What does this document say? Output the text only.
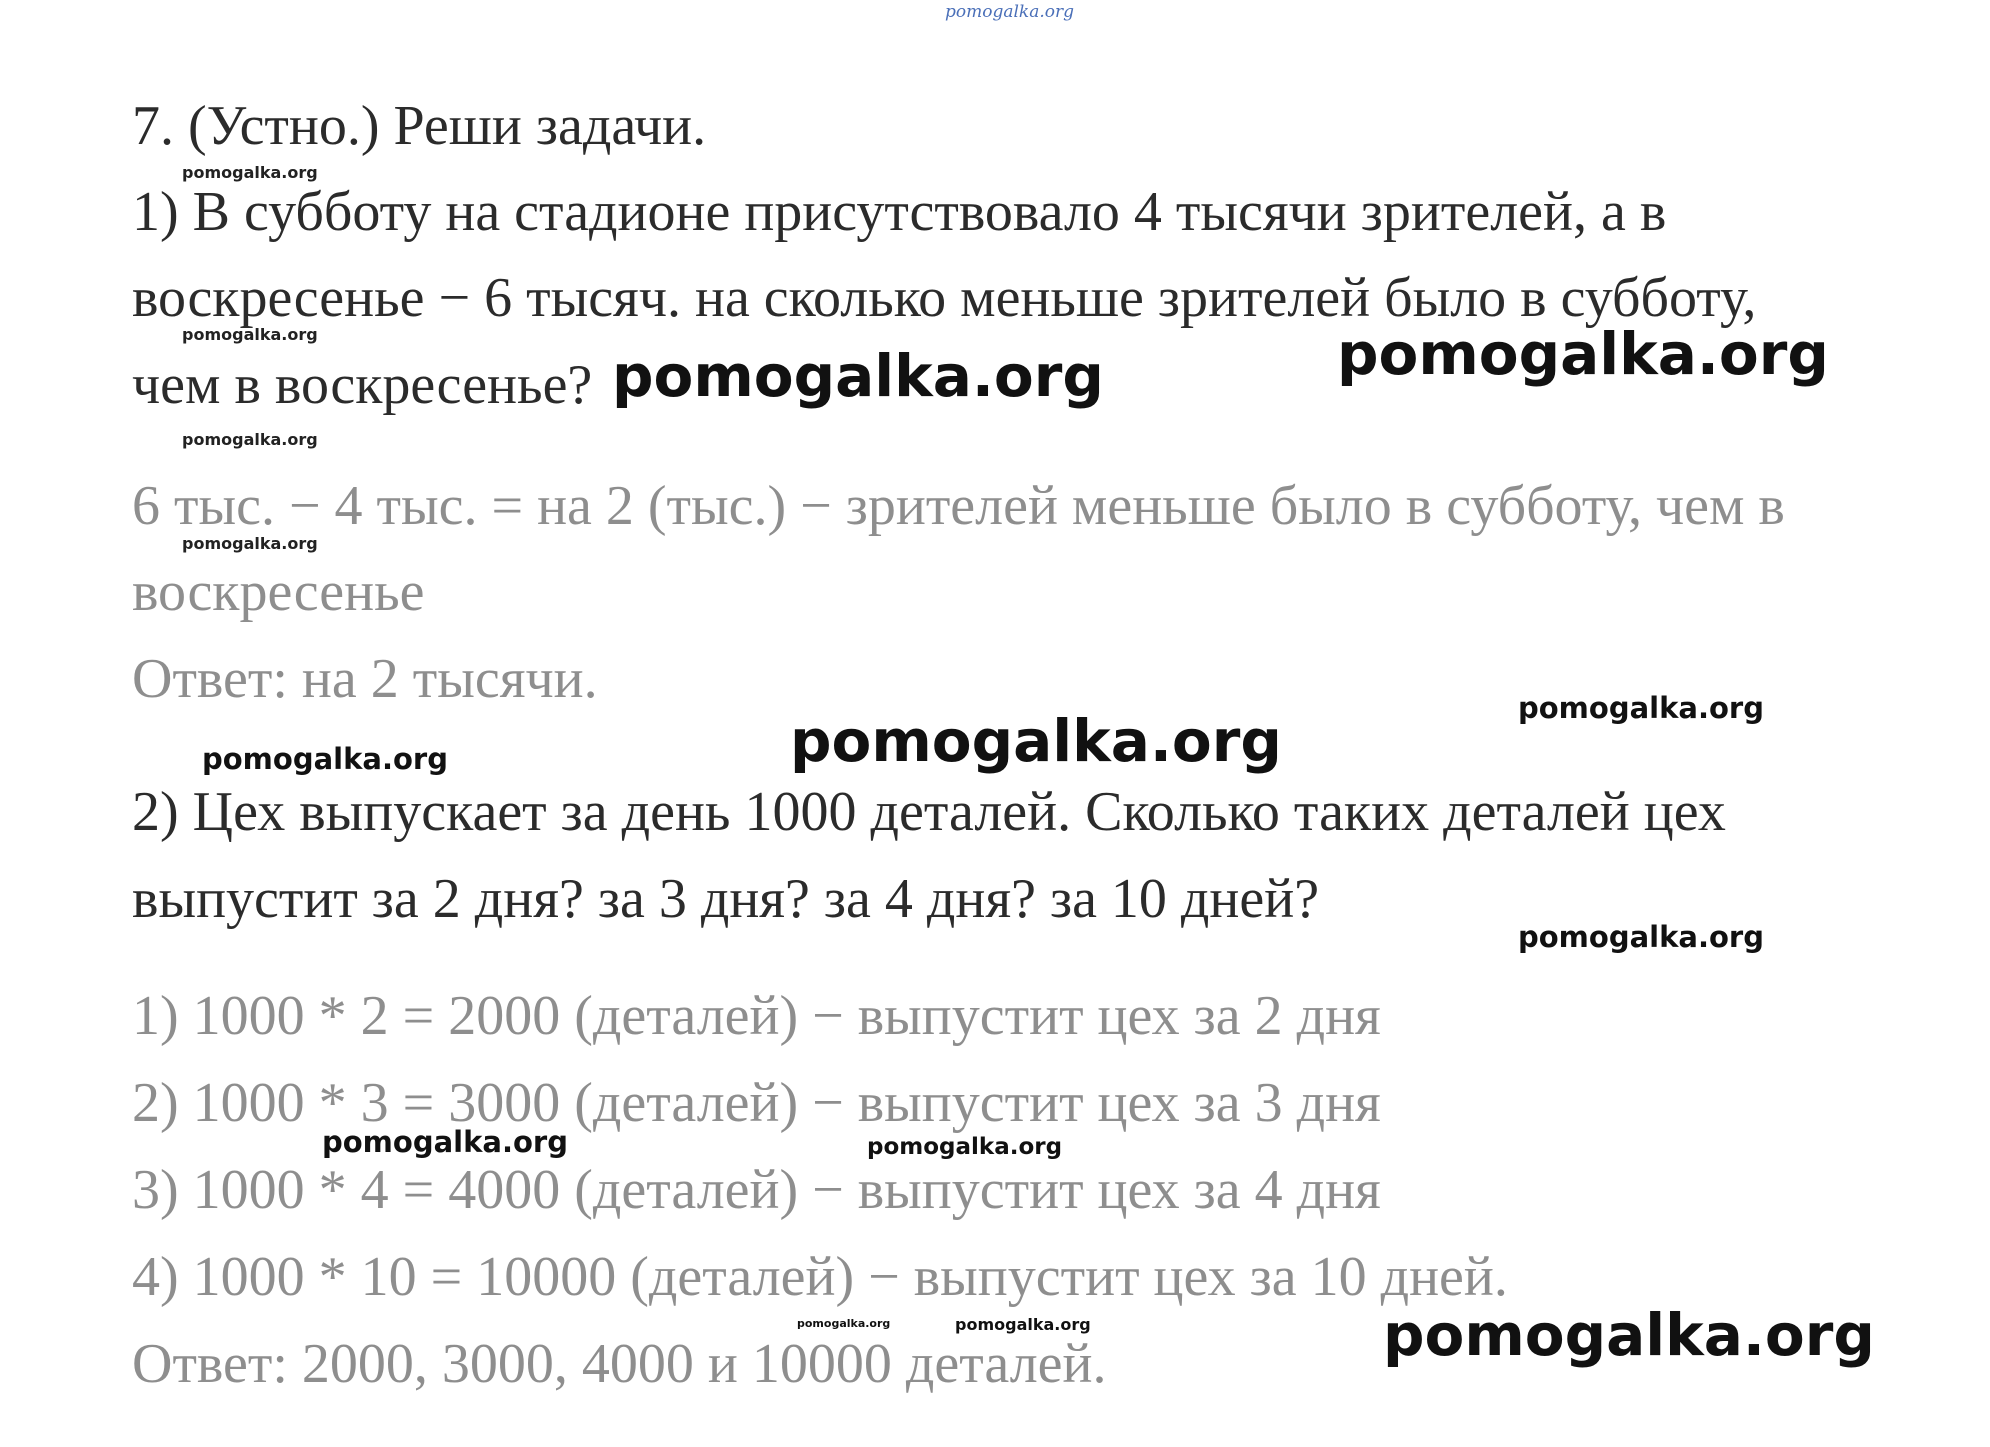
pomogalka.org

7. (Устно.) Реши задачи.

1) В субботу на стадионе присутствовало 4 тысячи зрителей, а в

воскресенье − 6 тысяч. на сколько меньше зрителей было в субботу,

чем в воскресенье?

6 тыс. − 4 тыс. = на 2 (тыс.) − зрителей меньше было в субботу, чем в

воскресенье

Ответ: на 2 тысячи.

2) Цех выпускает за день 1000 деталей. Сколько таких деталей цех

выпустит за 2 дня? за 3 дня? за 4 дня? за 10 дней?

1) 1000 * 2 = 2000 (деталей) − выпустит цех за 2 дня

2) 1000 * 3 = 3000 (деталей) − выпустит цех за 3 дня

3) 1000 * 4 = 4000 (деталей) − выпустит цех за 4 дня

4) 1000 * 10 = 10000 (деталей) − выпустит цех за 10 дней.

Ответ: 2000, 3000, 4000 и 10000 деталей.

pomogalka.org
pomogalka.org
pomogalka.org
pomogalka.org
pomogalka.org	pomogalka.org
pomogalka.org
pomogalka.org
pomogalka.org
pomogalka.org
pomogalka.org
pomogalka.org	pomogalka.org
pomogalka.org	pomogalka.org
